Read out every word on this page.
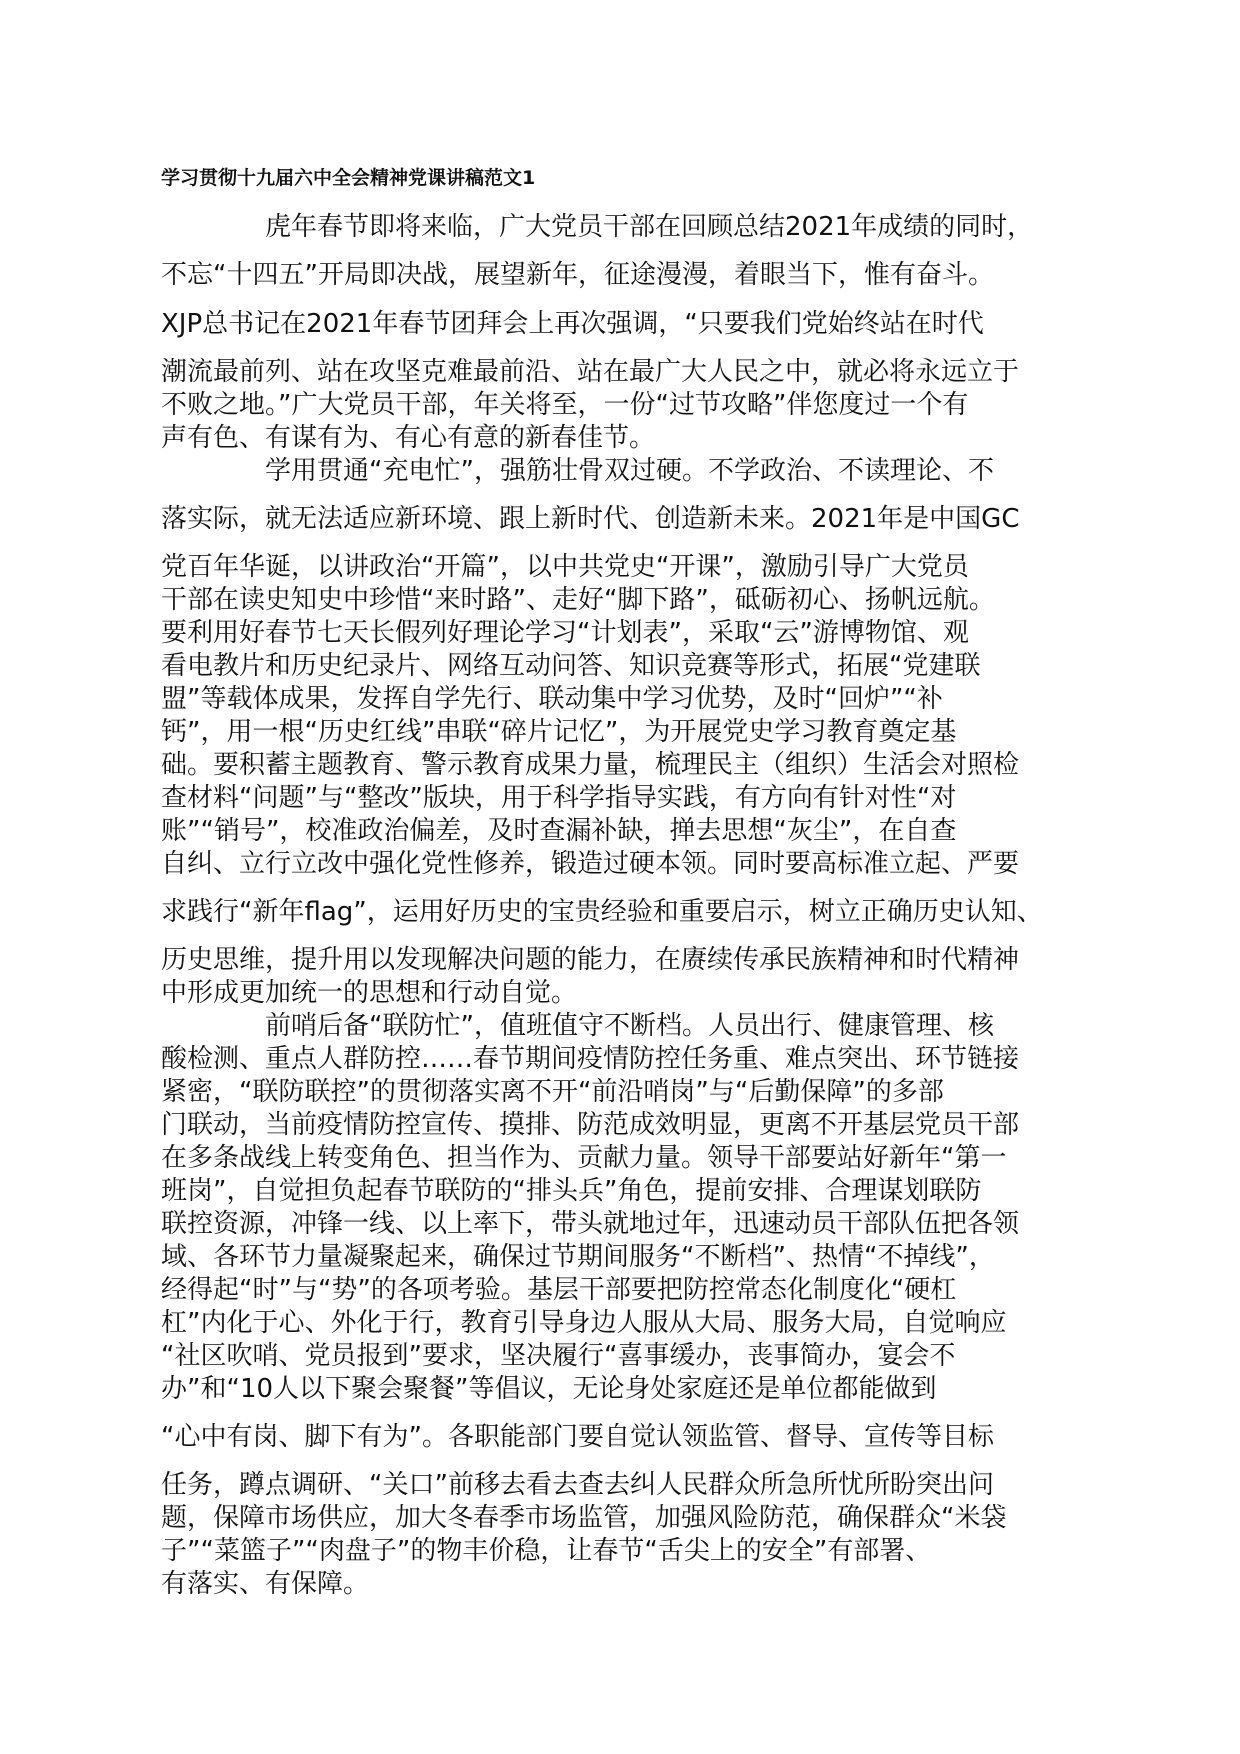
学习贯彻十九届六中全会精神党课讲稿范文1
虎年春节即将来临，广大党员干部在回顾总结2021年成绩的同时，
不忘“十四五”开局即决战，展望新年，征途漫漫，着眼当下，惟有奋斗。
XJP总书记在2021年春节团拜会上再次强调，“只要我们党始终站在时代
潮流最前列、站在攻坚克难最前沿、站在最广大人民之中，就必将永远立于
不败之地。”广大党员干部，年关将至，一份“过节攻略”伴您度过一个有
声有色、有谋有为、有心有意的新春佳节。
学用贯通“充电忙”，强筋壮骨双过硬。不学政治、不读理论、不
落实际，就无法适应新环境、跟上新时代、创造新未来。2021年是中国GC
党百年华诞，以讲政治“开篇”，以中共党史“开课”，激励引导广大党员
干部在读史知史中珍惜“来时路”、走好“脚下路”，砥砺初心、扬帆远航。
要利用好春节七天长假列好理论学习“计划表”，采取“云”游博物馆、观
看电教片和历史纪录片、网络互动问答、知识竞赛等形式，拓展“党建联
盟”等载体成果，发挥自学先行、联动集中学习优势，及时“回炉”“补
钙”，用一根“历史红线”串联“碎片记忆”，为开展党史学习教育奠定基
础。要积蓄主题教育、警示教育成果力量，梳理民主（组织）生活会对照检
查材料“问题”与“整改”版块，用于科学指导实践，有方向有针对性“对
账”“销号”，校准政治偏差，及时查漏补缺，掸去思想“灰尘”，在自查
自纠、立行立改中强化党性修养，锻造过硬本领。同时要高标准立起、严要
求践行“新年flag”，运用好历史的宝贵经验和重要启示，树立正确历史认知、
历史思维，提升用以发现解决问题的能力，在赓续传承民族精神和时代精神
中形成更加统一的思想和行动自觉。
前哨后备“联防忙”，值班值守不断档。人员出行、健康管理、核
酸检测、重点人群防控……春节期间疫情防控任务重、难点突出、环节链接
紧密，“联防联控”的贯彻落实离不开“前沿哨岗”与“后勤保障”的多部
门联动，当前疫情防控宣传、摸排、防范成效明显，更离不开基层党员干部
在多条战线上转变角色、担当作为、贡献力量。领导干部要站好新年“第一
班岗”，自觉担负起春节联防的“排头兵”角色，提前安排、合理谋划联防
联控资源，冲锋一线、以上率下，带头就地过年，迅速动员干部队伍把各领
域、各环节力量凝聚起来，确保过节期间服务“不断档”、热情“不掉线”，
经得起“时”与“势”的各项考验。基层干部要把防控常态化制度化“硬杠
杠”内化于心、外化于行，教育引导身边人服从大局、服务大局，自觉响应
“社区吹哨、党员报到”要求，坚决履行“喜事缓办，丧事简办，宴会不
办”和“10人以下聚会聚餐”等倡议，无论身处家庭还是单位都能做到
“心中有岗、脚下有为”。各职能部门要自觉认领监管、督导、宣传等目标
任务，蹲点调研、“关口”前移去看去查去纠人民群众所急所忧所盼突出问
题，保障市场供应，加大冬春季市场监管，加强风险防范，确保群众“米袋
子”“菜篮子”“肉盘子”的物丰价稳，让春节“舌尖上的安全”有部署、
有落实、有保障。
